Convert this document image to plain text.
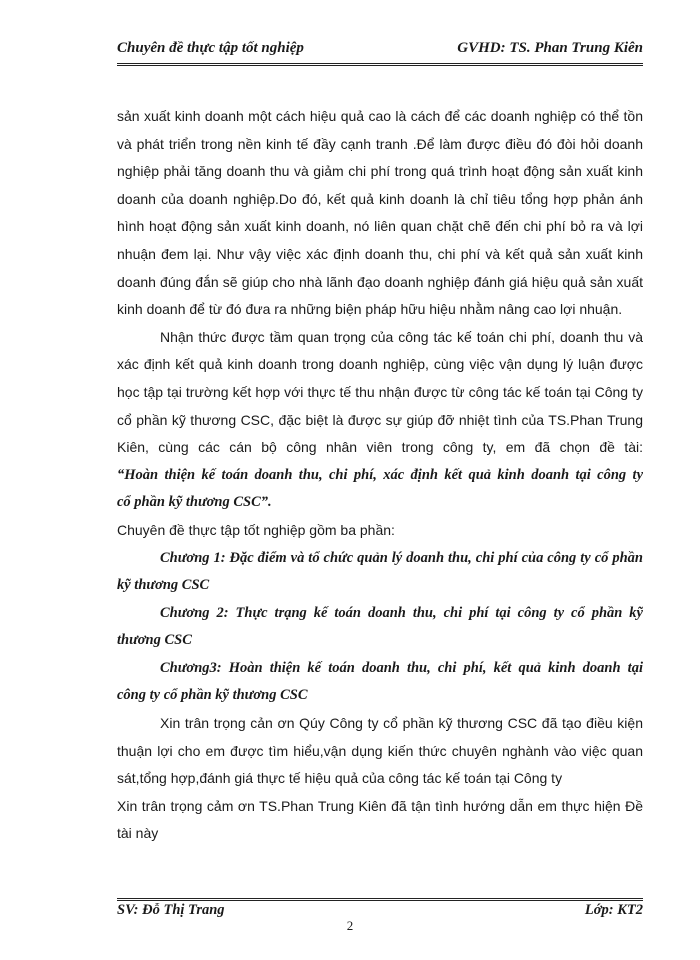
Chuyên đề thực tập tốt nghiệp	GVHD: TS. Phan Trung Kiên
sản xuất kinh doanh một cách hiệu quả cao là cách để các doanh nghiệp có thể tồn
và phát triển trong nền kinh tế đầy cạnh tranh .Để làm được điều đó đòi hỏi doanh
nghiệp phải tăng doanh thu và giảm chi phí trong quá trình hoạt động sản xuất kinh
doanh của doanh nghiệp.Do đó, kết quả kinh doanh là chỉ tiêu tổng hợp phản ánh
hình hoạt động sản xuất kinh doanh, nó liên quan chặt chẽ đến chi phí bỏ ra và lợi
nhuận đem lại. Như vậy việc xác định doanh thu, chi phí và kết quả sản xuất kinh
doanh đúng đắn sẽ giúp cho nhà lãnh đạo doanh nghiệp đánh giá hiệu quả sản xuất
kinh doanh để từ đó đưa ra những biện pháp hữu hiệu nhằm nâng cao lợi nhuận.
Nhận thức được tầm quan trọng của công tác kế toán chi phí, doanh thu và
xác định kết quả kinh doanh trong doanh nghiệp, cùng việc vận dụng lý luận được
học tập tại trường kết hợp với thực tế thu nhận được từ công tác kế toán tại Công ty
cổ phần kỹ thương CSC, đặc biệt là được sự giúp đỡ nhiệt tình của TS.Phan Trung
Kiên, cùng các cán bộ công nhân viên trong công ty, em đã chọn đề tài:
“Hoàn thiện kế toán doanh thu, chi phí, xác định kết quả kinh doanh tại công ty
cổ phần kỹ thương CSC”.
Chuyên đề thực tập tốt nghiệp gồm ba phần:
Chương 1: Đặc điểm và tổ chức quản lý doanh thu, chi phí của công ty cổ phần
kỹ thương CSC
Chương 2: Thực trạng kế toán doanh thu, chi phí tại công ty cổ phần kỹ
thương CSC
Chương3: Hoàn thiện kế toán doanh thu, chi phí, kết quả kinh doanh tại
công ty cổ phần kỹ thương CSC
Xin trân trọng cản ơn Qúy Công ty cổ phần kỹ thương CSC đã tạo điều kiện
thuận lợi cho em được tìm hiểu,vận dụng kiến thức chuyên nghành vào việc quan
sát,tổng hợp,đánh giá thực tế hiệu quả của công tác kế toán tại Công ty
Xin trân trọng cảm ơn TS.Phan Trung Kiên đã tận tình hướng dẫn em thực hiện Đề
tài này
SV: Đỗ Thị Trang	Lớp: KT2
2
